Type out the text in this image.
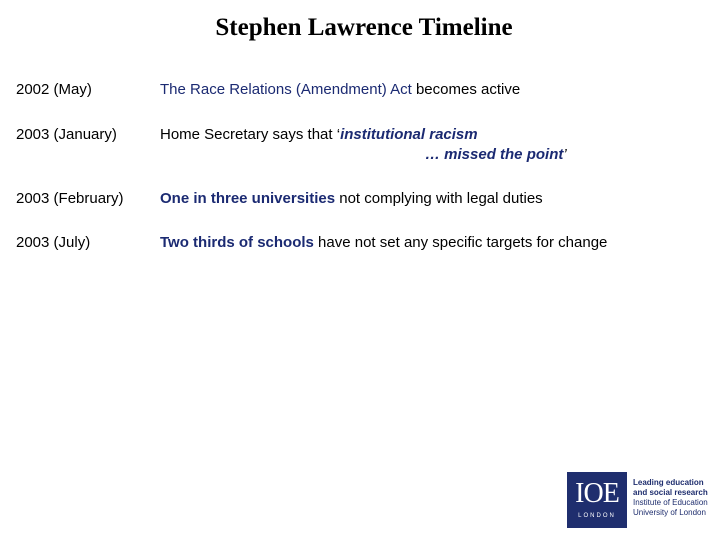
Stephen Lawrence Timeline
2002 (May)	The Race Relations (Amendment) Act becomes active
2003 (January)	Home Secretary says that ‘institutional racism
… missed the point’
2003 (February) One in three universities not complying with legal duties
2003 (July)	Two thirds of schools have not set any specific targets for change
IOE
LONDON
Leading education
and social research
Institute of Education
University of London
